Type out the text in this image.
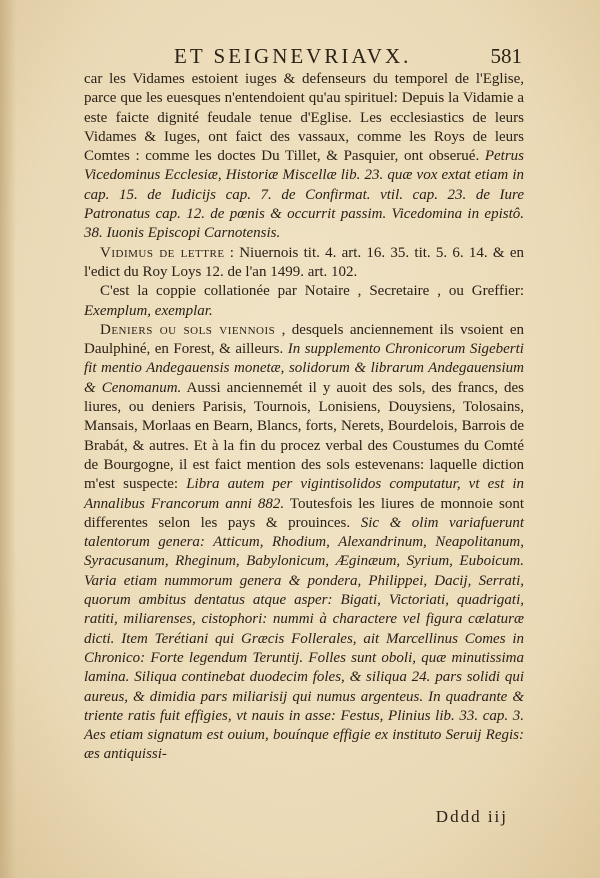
ET SEIGNEVRIAVX.	581

car les Vidames estoient iuges & defenseurs du temporel de l'Eglise, parce que les euesques n'entendoient qu'au spirituel: Depuis la Vidamie a este faicte dignité feudale tenue d'Eglise. Les ecclesiastics de leurs Vidames & Iuges, ont faict des vassaux, comme les Roys de leurs Comtes : comme les doctes Du Tillet, & Pasquier, ont obserué. Petrus Vicedominus Ecclesiæ, Historiæ Miscellæ lib. 23. quæ vox extat etiam in cap. 15. de Iudicijs cap. 7. de Confirmat. vtil. cap. 23. de Iure Patronatus cap. 12. de pœnis & occurrit passim. Vicedomina in epistô. 38. Iuonis Episcopi Carnotensis.

Vidimus de lettre : Niuernois tit. 4. art. 16. 35. tit. 5. 6. 14. & en l'edict du Roy Loys 12. de l'an 1499. art. 102.

C'est la coppie collationée par Notaire , Secretaire , ou Greffier: Exemplum, exemplar.

Deniers ou sols viennois , desquels anciennement ils vsoient en Daulphiné, en Forest, & ailleurs. In supplemento Chronicorum Sigeberti fit mentio Andegauensis monetæ, solidorum & librarum Andegauensium & Cenomanum. Aussi anciennemét il y auoit des sols, des francs, des liures, ou deniers Parisis, Tournois, Lonisiens, Douysiens, Tolosains, Mansais, Morlaas en Bearn, Blancs, forts, Nerets, Bourdelois, Barrois de Brabát, & autres. Et à la fin du procez verbal des Coustumes du Comté de Bourgogne, il est faict mention des sols estevenans: laquelle diction m'est suspecte: Libra autem per vigintisolidos computatur, vt est in Annalibus Francorum anni 882. Toutesfois les liures de monnoie sont differentes selon les pays & prouinces. Sic & olim variafuerunt talentorum genera: Atticum, Rhodium, Alexandrinum, Neapolitanum, Syracusanum, Rheginum, Babylonicum, Æginæum, Syrium, Euboicum. Varia etiam nummorum genera & pondera, Philippei, Dacij, Serrati, quorum ambitus dentatus atque asper: Bigati, Victoriati, quadrigati, ratiti, miliarenses, cistophori: nummi à charactere vel figura cælaturæ dicti. Item Terétiani qui Græcis Follerales, ait Marcellinus Comes in Chronico: Forte legendum Teruntij. Folles sunt oboli, quæ minutissima lamina. Siliqua continebat duodecim foles, & siliqua 24. pars solidi qui aureus, & dimidia pars miliarisij qui numus argenteus. In quadrante & triente ratis fuit effigies, vt nauis in asse: Festus, Plinius lib. 33. cap. 3. Aes etiam signatum est ouium, bouínque effigie ex instituto Seruij Regis: æs antiquissi-

Dddd iij
